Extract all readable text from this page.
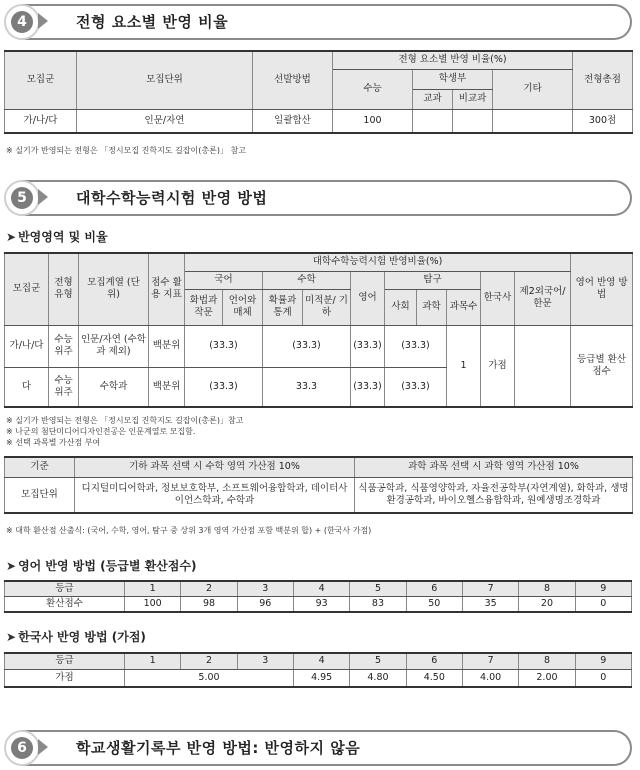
4	전형 요소별 반영 비율
모집군	모집단위	선발방법	전형 요소별 반영 비율(%)				전형총점
			수능	학생부		기타	
				교과	비교과		
가/나/다	인문/자연	일괄합산	100				300점
※ 실기가 반영되는 전형은 「정시모집 진학지도 길잡이(총론)」 참고
5	대학수학능력시험 반영 방법
➤ 반영영역 및 비율
모집군	전형 유형	모집계열 (단위)	점수 활용 지표	대학수학능력시험 반영비율(%)										영어 반영 방법
				국어		수학		영어	탐구			한국사	제2외국어/ 한문	
				화법과 작문	언어와 매체	확률과 통계	미적분/ 기하		사회	과학	과목수			
가/나/다	수능 위주	인문/자연 (수학과 제외)	백분위	(33.3)		(33.3)		(33.3)	(33.3)		1	가점		등급별 환산점수
다	수능 위주	수학과	백분위	(33.3)		33.3		(33.3)	(33.3)					
※ 실기가 반영되는 전형은 「정시모집 진학지도 길잡이(총론)」참고
※ 나군의 첨단미디어디자인전공은 인문계열로 모집함.
※ 선택 과목별 가산점 부여
기준	기하 과목 선택 시 수학 영역 가산점 10%	과학 과목 선택 시 과학 영역 가산점 10%
모집단위	디지털미디어학과, 정보보호학부, 소프트웨어융합학과, 데이터사이언스학과, 수학과	식품공학과, 식품영양학과, 자율전공학부(자연계열), 화학과, 생명환경공학과, 바이오헬스융합학과, 원예생명조경학과
※ 대학 환산점 산출식: (국어, 수학, 영어, 탐구 중 상위 3개 영역 가산점 포함 백분위 합) + (한국사 가점)
➤ 영어 반영 방법 (등급별 환산점수)
등급	1	2	3	4	5	6	7	8	9
환산점수	100	98	96	93	83	50	35	20	0
➤ 한국사 반영 방법 (가점)
등급	1	2	3	4	5	6	7	8	9
가점	5.00			4.95	4.80	4.50	4.00	2.00	0
6	학교생활기록부 반영 방법: 반영하지 않음
